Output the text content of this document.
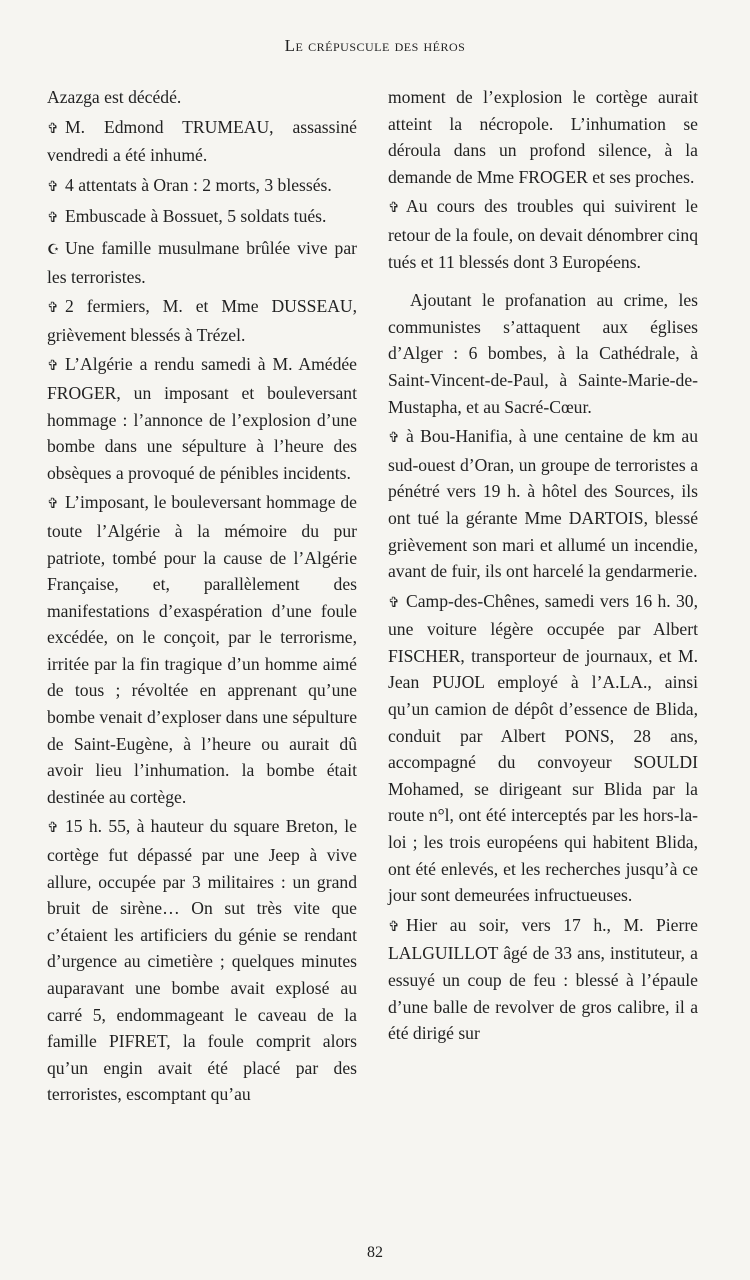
Le crépuscule des héros

Azazga est décédé.

✞ M. Edmond TRUMEAU, assassiné vendredi a été inhumé.

✞ 4 attentats à Oran : 2 morts, 3 blessés.

✞ Embuscade à Bossuet, 5 soldats tués.

☪ Une famille musulmane brûlée vive par les terroristes.

✞ 2 fermiers, M. et Mme DUSSEAU, grièvement blessés à Trézel.

✞ L’Algérie a rendu samedi à M. Amédée FROGER, un imposant et bouleversant hommage : l’annonce de l’explosion d’une bombe dans une sépulture à l’heure des obsèques a provoqué de pénibles incidents.

✞ L’imposant, le bouleversant hommage de toute l’Algérie à la mémoire du pur patriote, tombé pour la cause de l’Algérie Française, et, parallèlement des manifestations d’exaspération d’une foule excédée, on le conçoit, par le terrorisme, irritée par la fin tragique d’un homme aimé de tous ; révoltée en apprenant qu’une bombe venait d’exploser dans une sépulture de Saint-Eugène, à l’heure ou aurait dû avoir lieu l’inhumation. la bombe était destinée au cortège.

✞ 15 h. 55, à hauteur du square Breton, le cortège fut dépassé par une Jeep à vive allure, occupée par 3 militaires : un grand bruit de sirène… On sut très vite que c’étaient les artificiers du génie se rendant d’urgence au cimetière ; quelques minutes auparavant une bombe avait explosé au carré 5, endommageant le caveau de la famille PIFRET, la foule comprit alors qu’un engin avait été placé par des terroristes, escomptant qu’au

moment de l’explosion le cortège aurait atteint la nécropole. L’inhumation se déroula dans un profond silence, à la demande de Mme FROGER et ses proches.

✞ Au cours des troubles qui suivirent le retour de la foule, on devait dénombrer cinq tués et 11 blessés dont 3 Européens.

Ajoutant le profanation au crime, les communistes s’attaquent aux églises d’Alger : 6 bombes, à la Cathédrale, à Saint-Vincent-de-Paul, à Sainte-Marie-de-Mustapha, et au Sacré-Cœur.

✞ à Bou-Hanifia, à une centaine de km au sud-ouest d’Oran, un groupe de terroristes a pénétré vers 19 h. à hôtel des Sources, ils ont tué la gérante Mme DARTOIS, blessé grièvement son mari et allumé un incendie, avant de fuir, ils ont harcelé la gendarmerie.

✞ Camp-des-Chênes, samedi vers 16 h. 30, une voiture légère occupée par Albert FISCHER, transporteur de journaux, et M. Jean PUJOL employé à l’A.LA., ainsi qu’un camion de dépôt d’essence de Blida, conduit par Albert PONS, 28 ans, accompagné du convoyeur SOULDI Mohamed, se dirigeant sur Blida par la route n°l, ont été interceptés par les hors-la-loi ; les trois européens qui habitent Blida, ont été enlevés, et les recherches jusqu’à ce jour sont demeurées infructueuses.

✞ Hier au soir, vers 17 h., M. Pierre LALGUILLOT âgé de 33 ans, instituteur, a essuyé un coup de feu : blessé à l’épaule d’une balle de revolver de gros calibre, il a été dirigé sur

82
